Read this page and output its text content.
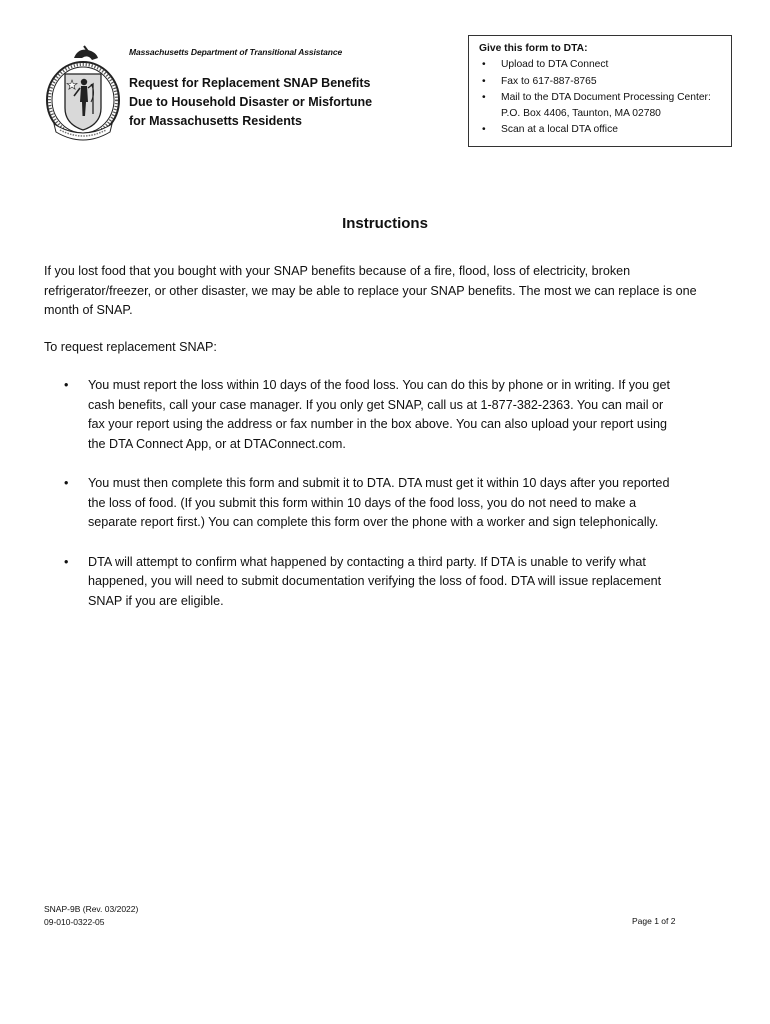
Massachusetts Department of Transitional Assistance
Request for Replacement SNAP Benefits
Due to Household Disaster or Misfortune
for Massachusetts Residents
Give this form to DTA:
• Upload to DTA Connect
• Fax to 617-887-8765
• Mail to the DTA Document Processing Center: P.O. Box 4406, Taunton, MA 02780
• Scan at a local DTA office
Instructions
If you lost food that you bought with your SNAP benefits because of a fire, flood, loss of electricity, broken refrigerator/freezer, or other disaster, we may be able to replace your SNAP benefits. The most we can replace is one month of SNAP.
To request replacement SNAP:
• You must report the loss within 10 days of the food loss. You can do this by phone or in writing. If you get cash benefits, call your case manager. If you only get SNAP, call us at 1-877-382-2363. You can mail or fax your report using the address or fax number in the box above. You can also upload your report using the DTA Connect App, or at DTAConnect.com.
• You must then complete this form and submit it to DTA. DTA must get it within 10 days after you reported the loss of food. (If you submit this form within 10 days of the food loss, you do not need to make a separate report first.) You can complete this form over the phone with a worker and sign telephonically.
• DTA will attempt to confirm what happened by contacting a third party. If DTA is unable to verify what happened, you will need to submit documentation verifying the loss of food. DTA will issue replacement SNAP if you are eligible.
SNAP-9B (Rev. 03/2022)
09-010-0322-05	Page 1 of 2
